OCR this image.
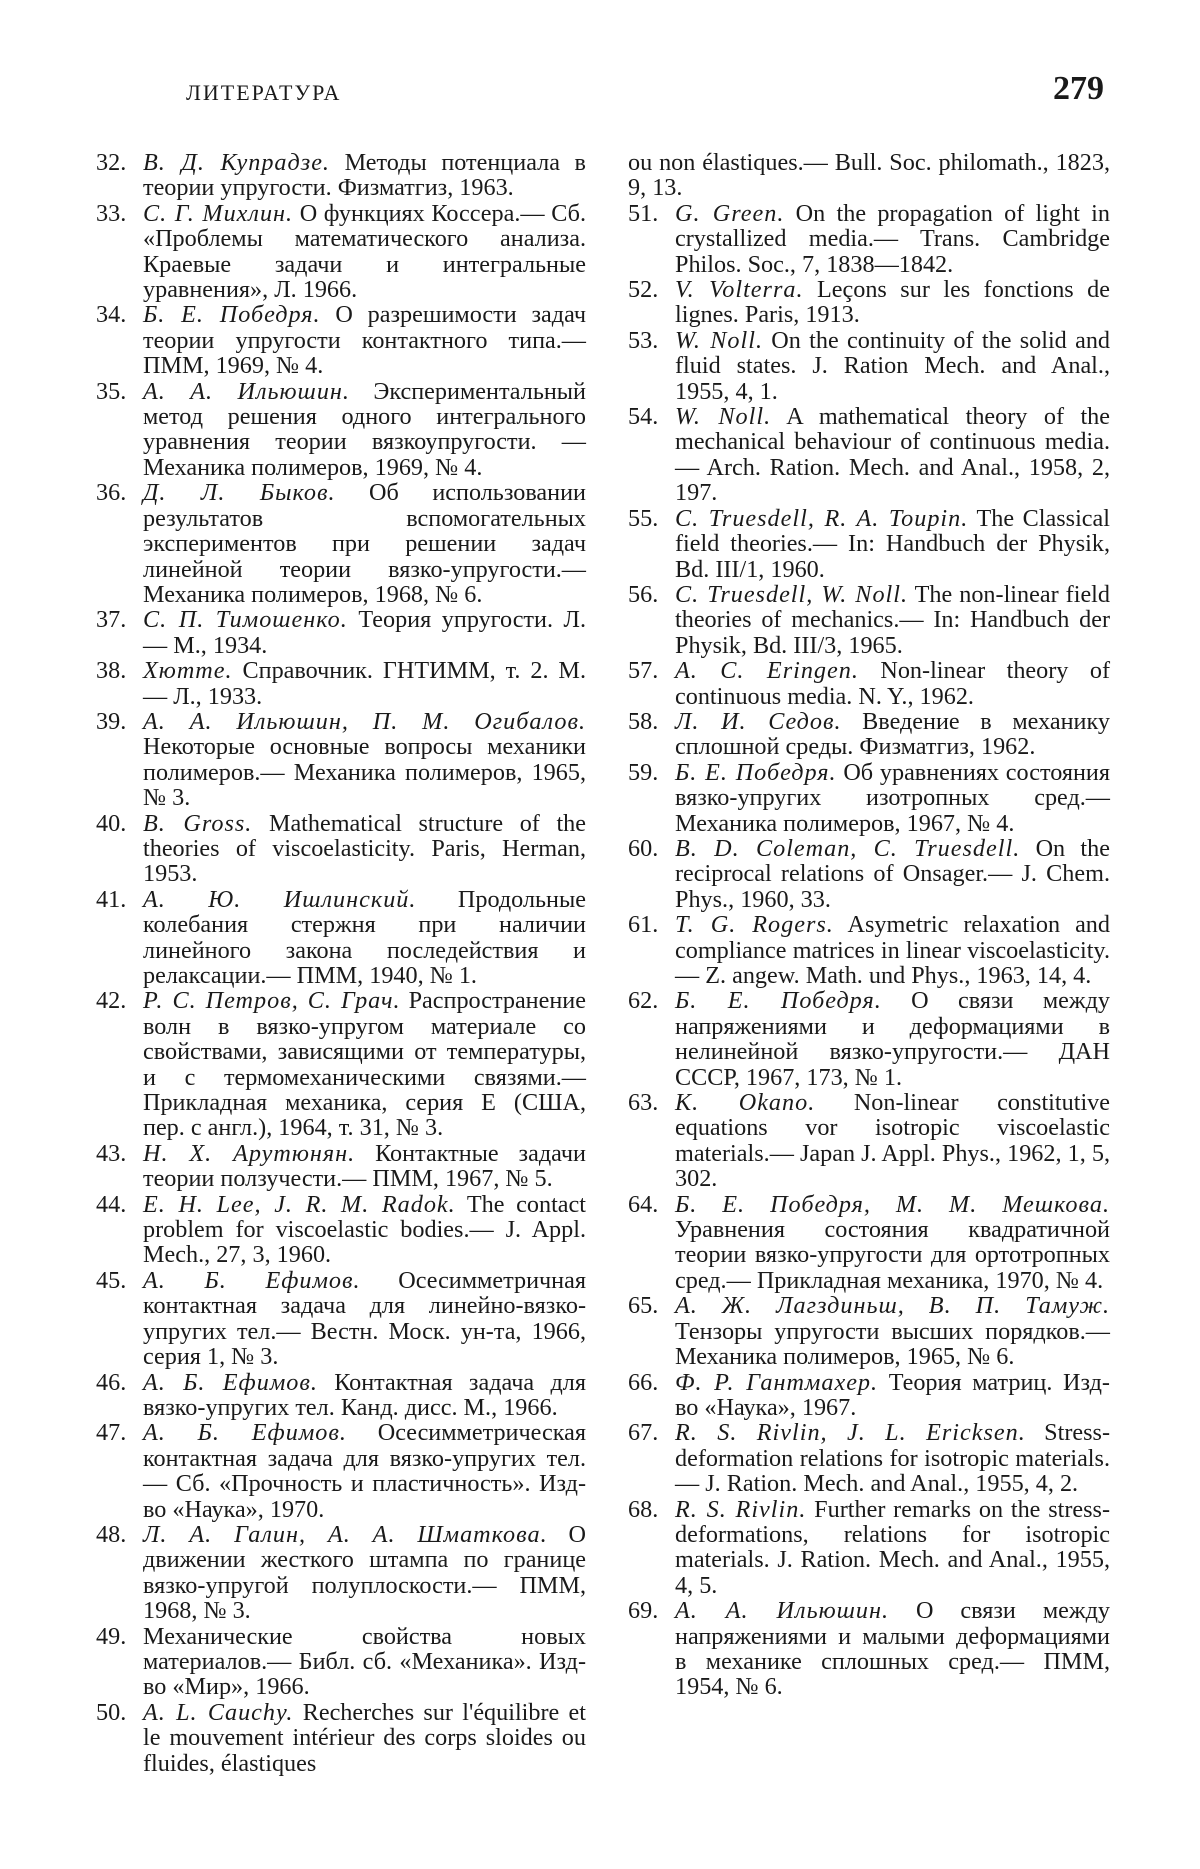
ЛИТЕРАТУРА	279
32. В. Д. Купрадзе. Методы потенциала в теории упругости. Физматгиз, 1963.
33. С. Г. Михлин. О функциях Коссера.— Сб. «Проблемы математического анализа. Краевые задачи и интегральные уравнения», Л. 1966.
34. Б. Е. Победря. О разрешимости задач теории упругости контактного типа.— ПММ, 1969, № 4.
35. А. А. Ильюшин. Экспериментальный метод решения одного интегрального уравнения теории вязкоупругости. — Механика полимеров, 1969, № 4.
36. Д. Л. Быков. Об использовании результатов вспомогательных экспериментов при решении задач линейной теории вязко-упругости.— Механика полимеров, 1968, № 6.
37. С. П. Тимошенко. Теория упругости. Л.— М., 1934.
38. Хютте. Справочник. ГНТИММ, т. 2. М.— Л., 1933.
39. А. А. Ильюшин, П. М. Огибалов. Некоторые основные вопросы механики полимеров.— Механика полимеров, 1965, № 3.
40. B. Gross. Mathematical structure of the theories of viscoelasticity. Paris, Herman, 1953.
41. А. Ю. Ишлинский. Продольные колебания стержня при наличии линейного закона последействия и релаксации.— ПММ, 1940, № 1.
42. Р. С. Петров, С. Грач. Распространение волн в вязко-упругом материале со свойствами, зависящими от температуры, и с термомеханическими связями.— Прикладная механика, серия Е (США, пер. с англ.), 1964, т. 31, № 3.
43. Н. Х. Арутюнян. Контактные задачи теории ползучести.— ПММ, 1967, № 5.
44. E. H. Lee, J. R. M. Radok. The contact problem for viscoelastic bodies.— J. Appl. Mech., 27, 3, 1960.
45. А. Б. Ефимов. Осесимметричная контактная задача для линейно-вязко-упругих тел.— Вестн. Моск. ун-та, 1966, серия 1, № 3.
46. А. Б. Ефимов. Контактная задача для вязко-упругих тел. Канд. дисс. М., 1966.
47. А. Б. Ефимов. Осесимметрическая контактная задача для вязко-упругих тел.— Сб. «Прочность и пластичность». Изд-во «Наука», 1970.
48. Л. А. Галин, А. А. Шматкова. О движении жесткого штампа по границе вязко-упругой полуплоскости.— ПММ, 1968, № 3.
49. Механические свойства новых материалов.— Библ. сб. «Механика». Изд-во «Мир», 1966.
50. A. L. Cauchy. Recherches sur l'équilibre et le mouvement intérieur des corps sloides ou fluides, élastiques
ou non élastiques.— Bull. Soc. philomath., 1823, 9, 13.
51. G. Green. On the propagation of light in crystallized media.— Trans. Cambridge Philos. Soc., 7, 1838—1842.
52. V. Volterra. Leçons sur les fonctions de lignes. Paris, 1913.
53. W. Noll. On the continuity of the solid and fluid states. J. Ration Mech. and Anal., 1955, 4, 1.
54. W. Noll. A mathematical theory of the mechanical behaviour of continuous media.— Arch. Ration. Mech. and Anal., 1958, 2, 197.
55. C. Truesdell, R. A. Toupin. The Classical field theories.— In: Handbuch der Physik, Bd. III/1, 1960.
56. C. Truesdell, W. Noll. The non-linear field theories of mechanics.— In: Handbuch der Physik, Bd. III/3, 1965.
57. A. C. Eringen. Non-linear theory of continuous media. N. Y., 1962.
58. Л. И. Седов. Введение в механику сплошной среды. Физматгиз, 1962.
59. Б. Е. Победря. Об уравнениях состояния вязко-упругих изотропных сред.— Механика полимеров, 1967, № 4.
60. B. D. Coleman, C. Truesdell. On the reciprocal relations of Onsager.— J. Chem. Phys., 1960, 33.
61. T. G. Rogers. Asymetric relaxation and compliance matrices in linear viscoelasticity.— Z. angew. Math. und Phys., 1963, 14, 4.
62. Б. Е. Победря. О связи между напряжениями и деформациями в нелинейной вязко-упругости.— ДАН СССР, 1967, 173, № 1.
63. K. Okano. Non-linear constitutive equations vor isotropic viscoelastic materials.— Japan J. Appl. Phys., 1962, 1, 5, 302.
64. Б. Е. Победря, М. М. Мешкова. Уравнения состояния квадратичной теории вязко-упругости для ортотропных сред.— Прикладная механика, 1970, № 4.
65. А. Ж. Лагздиньш, В. П. Тамуж. Тензоры упругости высших порядков.— Механика полимеров, 1965, № 6.
66. Ф. Р. Гантмахер. Теория матриц. Изд-во «Наука», 1967.
67. R. S. Rivlin, J. L. Ericksen. Stress-deformation relations for isotropic materials.— J. Ration. Mech. and Anal., 1955, 4, 2.
68. R. S. Rivlin. Further remarks on the stress-deformations, relations for isotropic materials. J. Ration. Mech. and Anal., 1955, 4, 5.
69. А. А. Ильюшин. О связи между напряжениями и малыми деформациями в механике сплошных сред.— ПММ, 1954, № 6.
